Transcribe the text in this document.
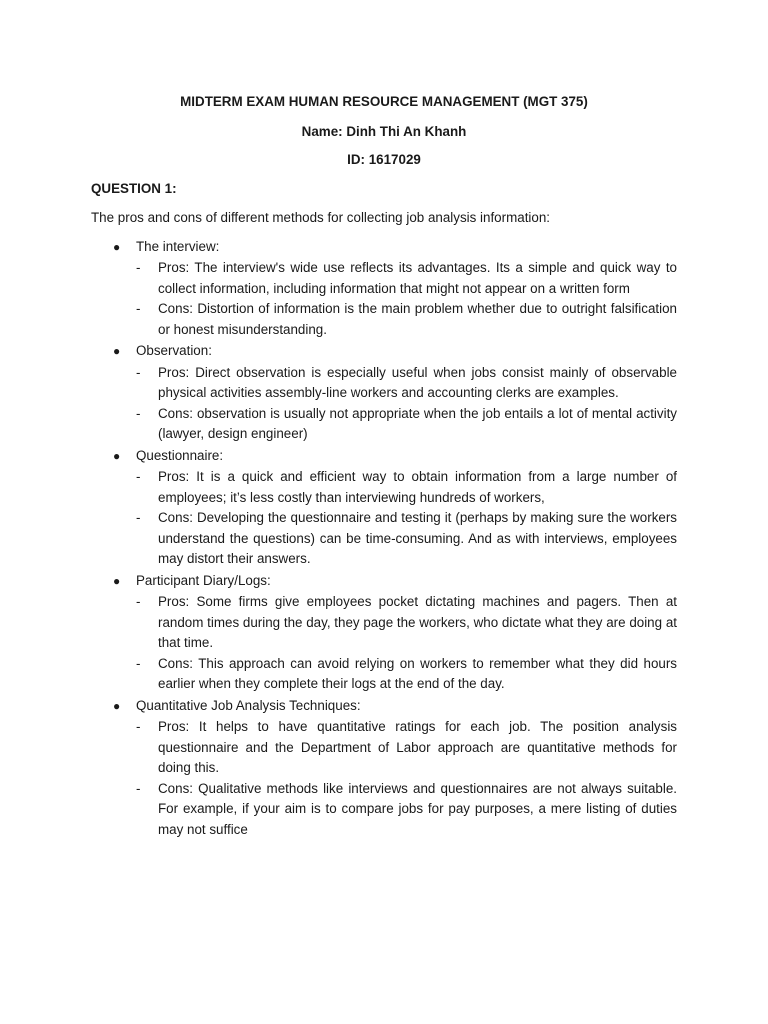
MIDTERM EXAM HUMAN RESOURCE MANAGEMENT (MGT 375)

Name: Dinh Thi An Khanh

ID: 1617029

QUESTION 1:

The pros and cons of different methods for collecting job analysis information:

● The interview:

- Pros: The interview's wide use reflects its advantages. Its a simple and quick way to collect information, including information that might not appear on a written form
- Cons: Distortion of information is the main problem whether due to outright falsification or honest misunderstanding.
● Observation:

- Pros: Direct observation is especially useful when jobs consist mainly of observable physical activities assembly-line workers and accounting clerks are examples.
- Cons: observation is usually not appropriate when the job entails a lot of mental activity (lawyer, design engineer)
● Questionnaire:

- Pros: It is a quick and efficient way to obtain information from a large number of employees; it’s less costly than interviewing hundreds of workers,
- Cons: Developing the questionnaire and testing it (perhaps by making sure the workers understand the questions) can be time-consuming. And as with interviews, employees may distort their answers.
● Participant Diary/Logs:

- Pros: Some firms give employees pocket dictating machines and pagers. Then at random times during the day, they page the workers, who dictate what they are doing at that time.
- Cons: This approach can avoid relying on workers to remember what they did hours earlier when they complete their logs at the end of the day.
● Quantitative Job Analysis Techniques:

- Pros: It helps to have quantitative ratings for each job. The position analysis questionnaire and the Department of Labor approach are quantitative methods for doing this.
- Cons: Qualitative methods like interviews and questionnaires are not always suitable. For example, if your aim is to compare jobs for pay purposes, a mere listing of duties may not suffice
